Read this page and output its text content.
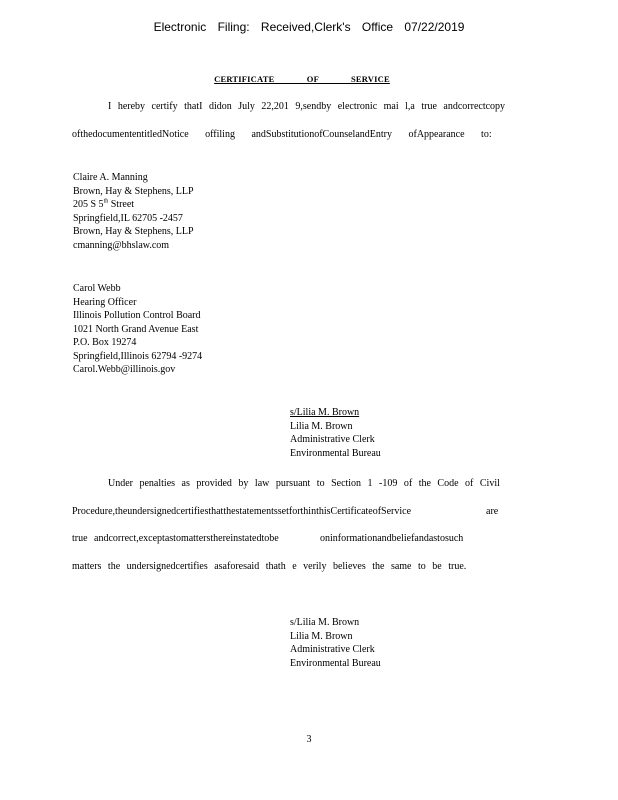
Electronic Filing: Received,Clerk's Office 07/22/2019
CERTIFICATE OF SERVICE
I hereby certify thatI didon July 22,201 9,sendby electronic mai l,a true andcorrectcopy
ofthedocumententitledNotice offiling andSubstitutionofCounselandEntry ofAppearance to:
Claire A. Manning
Brown, Hay & Stephens, LLP
205 S 5th Street
Springfield,IL 62705 -2457
Brown, Hay & Stephens, LLP
cmanning@bhslaw.com
Carol Webb
Hearing Officer
Illinois Pollution Control Board
1021 North Grand Avenue East
P.O. Box 19274
Springfield,Illinois 62794 -9274
Carol.Webb@illinois.gov
s/Lilia M. Brown
Lilia M. Brown
Administrative Clerk
Environmental Bureau
Under penalties as provided by law pursuant to Section 1 -109 of the Code of Civil
Procedure,theundersignedcertifiesthatthestatementssetforthinthisCertificateofService	are
true andcorrect,exceptastomattersthereinstatedtobe	oninformationandbeliefandastosuch
matters the undersignedcertifies asaforesaid thath e verily believes the same to be true.
s/Lilia M. Brown
Lilia M. Brown
Administrative Clerk
Environmental Bureau
3
